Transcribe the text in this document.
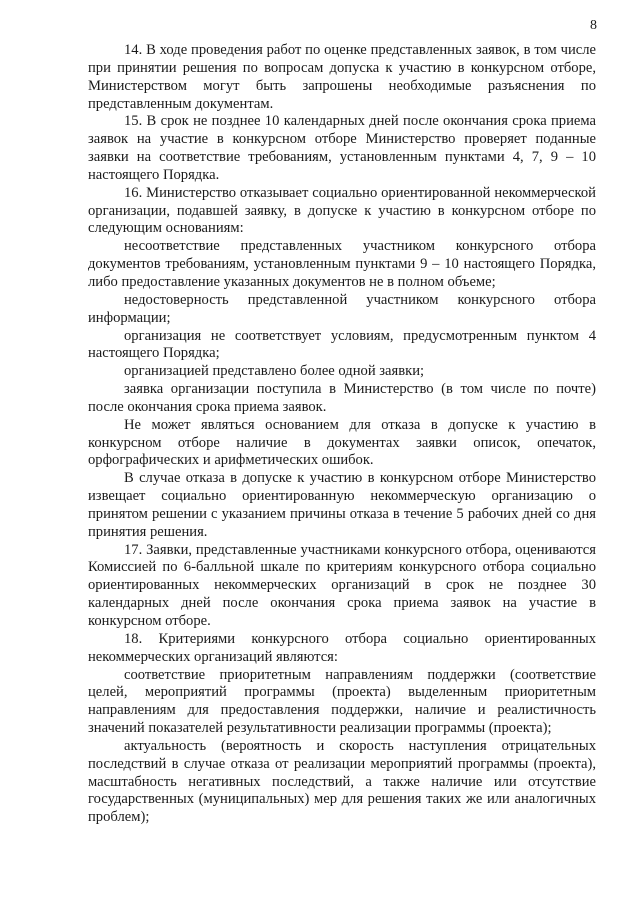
8

14. В ходе проведения работ по оценке представленных заявок, в том числе при принятии решения по вопросам допуска к участию в конкурсном отборе, Министерством могут быть запрошены необходимые разъяснения по представленным документам.

15. В срок не позднее 10 календарных дней после окончания срока приема заявок на участие в конкурсном отборе Министерство проверяет поданные заявки на соответствие требованиям, установленным пунктами 4, 7, 9 – 10 настоящего Порядка.

16. Министерство отказывает социально ориентированной некоммерческой организации, подавшей заявку, в допуске к участию в конкурсном отборе по следующим основаниям:

несоответствие представленных участником конкурсного отбора документов требованиям, установленным пунктами 9 – 10 настоящего Порядка, либо предоставление указанных документов не в полном объеме;

недостоверность представленной участником конкурсного отбора информации;

организация не соответствует условиям, предусмотренным пунктом 4 настоящего Порядка;

организацией представлено более одной заявки;

заявка организации поступила в Министерство (в том числе по почте) после окончания срока приема заявок.

Не может являться основанием для отказа в допуске к участию в конкурсном отборе наличие в документах заявки описок, опечаток, орфографических и арифметических ошибок.

В случае отказа в допуске к участию в конкурсном отборе Министерство извещает социально ориентированную некоммерческую организацию о принятом решении с указанием причины отказа в течение 5 рабочих дней со дня принятия решения.

17. Заявки, представленные участниками конкурсного отбора, оцениваются Комиссией по 6-балльной шкале по критериям конкурсного отбора социально ориентированных некоммерческих организаций в срок не позднее 30 календарных дней после окончания срока приема заявок на участие в конкурсном отборе.

18. Критериями конкурсного отбора социально ориентированных некоммерческих организаций являются:

соответствие приоритетным направлениям поддержки (соответствие целей, мероприятий программы (проекта) выделенным приоритетным направлениям для предоставления поддержки, наличие и реалистичность значений показателей результативности реализации программы (проекта);

актуальность (вероятность и скорость наступления отрицательных последствий в случае отказа от реализации мероприятий программы (проекта), масштабность негативных последствий, а также наличие или отсутствие государственных (муниципальных) мер для решения таких же или аналогичных проблем);
